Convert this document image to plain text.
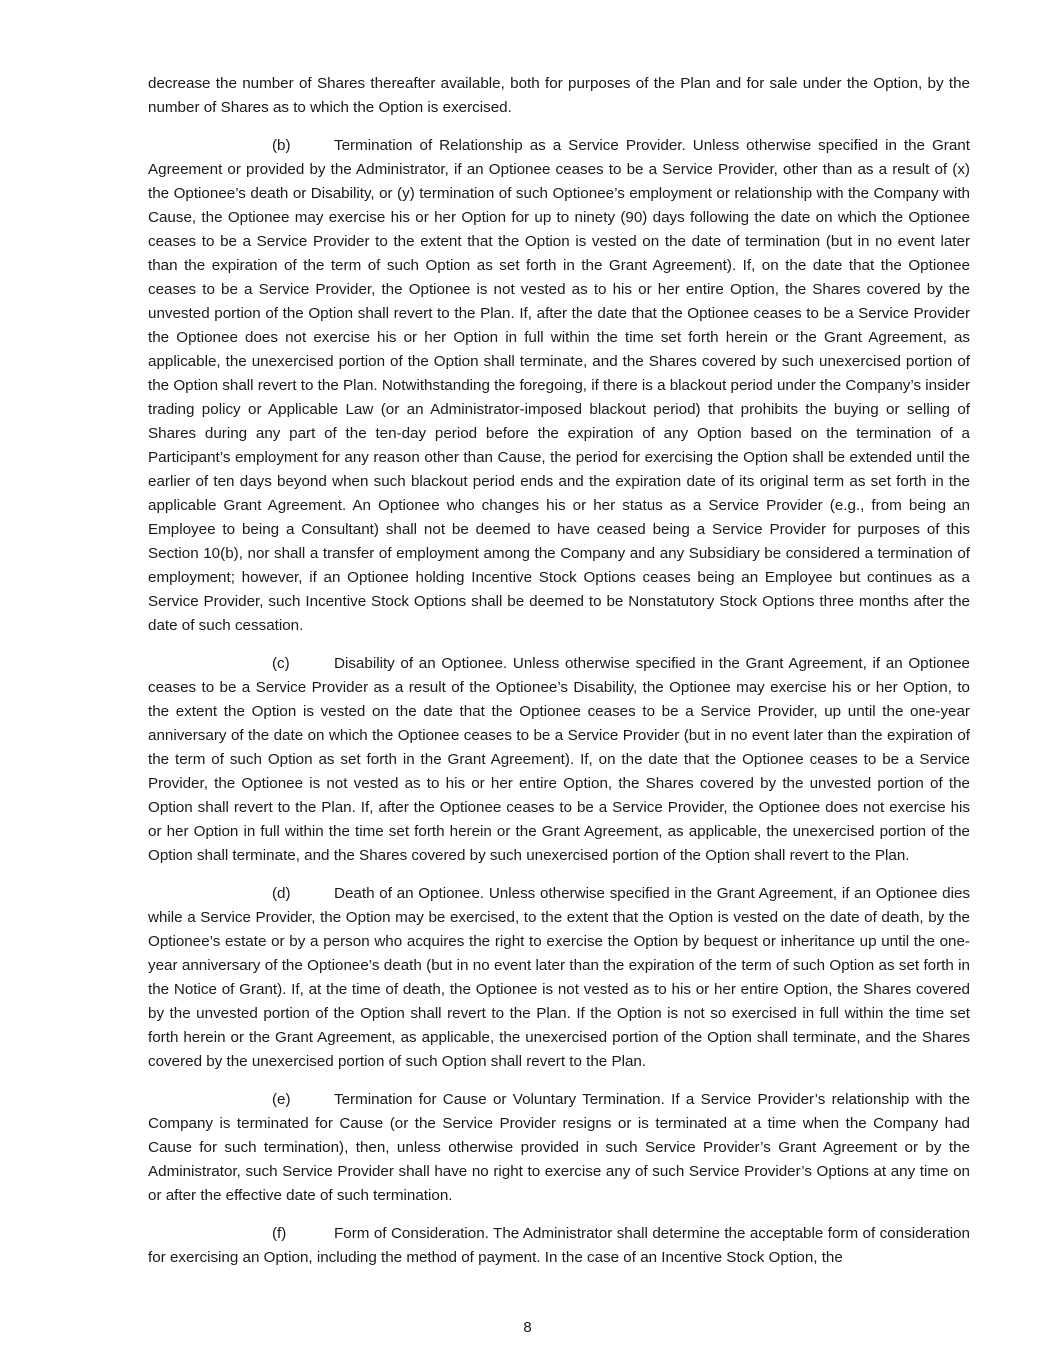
decrease the number of Shares thereafter available, both for purposes of the Plan and for sale under the Option, by the number of Shares as to which the Option is exercised.

(b)	Termination of Relationship as a Service Provider. Unless otherwise specified in the Grant Agreement or provided by the Administrator, if an Optionee ceases to be a Service Provider, other than as a result of (x) the Optionee’s death or Disability, or (y) termination of such Optionee’s employment or relationship with the Company with Cause, the Optionee may exercise his or her Option for up to ninety (90) days following the date on which the Optionee ceases to be a Service Provider to the extent that the Option is vested on the date of termination (but in no event later than the expiration of the term of such Option as set forth in the Grant Agreement). If, on the date that the Optionee ceases to be a Service Provider, the Optionee is not vested as to his or her entire Option, the Shares covered by the unvested portion of the Option shall revert to the Plan. If, after the date that the Optionee ceases to be a Service Provider the Optionee does not exercise his or her Option in full within the time set forth herein or the Grant Agreement, as applicable, the unexercised portion of the Option shall terminate, and the Shares covered by such unexercised portion of the Option shall revert to the Plan. Notwithstanding the foregoing, if there is a blackout period under the Company’s insider trading policy or Applicable Law (or an Administrator-imposed blackout period) that prohibits the buying or selling of Shares during any part of the ten-day period before the expiration of any Option based on the termination of a Participant’s employment for any reason other than Cause, the period for exercising the Option shall be extended until the earlier of ten days beyond when such blackout period ends and the expiration date of its original term as set forth in the applicable Grant Agreement. An Optionee who changes his or her status as a Service Provider (e.g., from being an Employee to being a Consultant) shall not be deemed to have ceased being a Service Provider for purposes of this Section 10(b), nor shall a transfer of employment among the Company and any Subsidiary be considered a termination of employment; however, if an Optionee holding Incentive Stock Options ceases being an Employee but continues as a Service Provider, such Incentive Stock Options shall be deemed to be Nonstatutory Stock Options three months after the date of such cessation.

(c)	Disability of an Optionee. Unless otherwise specified in the Grant Agreement, if an Optionee ceases to be a Service Provider as a result of the Optionee’s Disability, the Optionee may exercise his or her Option, to the extent the Option is vested on the date that the Optionee ceases to be a Service Provider, up until the one-year anniversary of the date on which the Optionee ceases to be a Service Provider (but in no event later than the expiration of the term of such Option as set forth in the Grant Agreement). If, on the date that the Optionee ceases to be a Service Provider, the Optionee is not vested as to his or her entire Option, the Shares covered by the unvested portion of the Option shall revert to the Plan. If, after the Optionee ceases to be a Service Provider, the Optionee does not exercise his or her Option in full within the time set forth herein or the Grant Agreement, as applicable, the unexercised portion of the Option shall terminate, and the Shares covered by such unexercised portion of the Option shall revert to the Plan.

(d)	Death of an Optionee. Unless otherwise specified in the Grant Agreement, if an Optionee dies while a Service Provider, the Option may be exercised, to the extent that the Option is vested on the date of death, by the Optionee’s estate or by a person who acquires the right to exercise the Option by bequest or inheritance up until the one-year anniversary of the Optionee’s death (but in no event later than the expiration of the term of such Option as set forth in the Notice of Grant). If, at the time of death, the Optionee is not vested as to his or her entire Option, the Shares covered by the unvested portion of the Option shall revert to the Plan. If the Option is not so exercised in full within the time set forth herein or the Grant Agreement, as applicable, the unexercised portion of the Option shall terminate, and the Shares covered by the unexercised portion of such Option shall revert to the Plan.

(e)	Termination for Cause or Voluntary Termination. If a Service Provider’s relationship with the Company is terminated for Cause (or the Service Provider resigns or is terminated at a time when the Company had Cause for such termination), then, unless otherwise provided in such Service Provider’s Grant Agreement or by the Administrator, such Service Provider shall have no right to exercise any of such Service Provider’s Options at any time on or after the effective date of such termination.

(f)	Form of Consideration. The Administrator shall determine the acceptable form of consideration for exercising an Option, including the method of payment. In the case of an Incentive Stock Option, the

8
